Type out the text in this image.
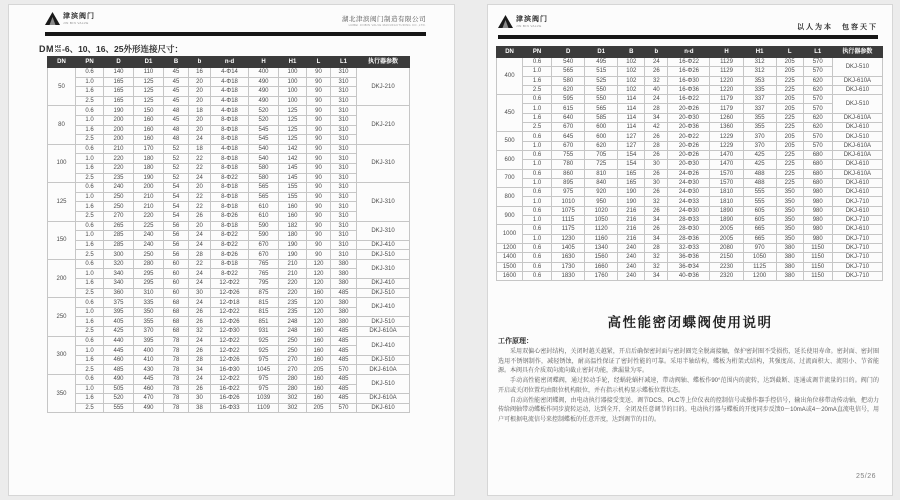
津滨阀门
JIN BIN VALVE	湖北津滨阀门制造有限公司
HUBEI JINBIN VALVE MANUFACTURING CO.,LTD.
DM HZ
XS -6、10、16、25外形连接尺寸：
DN	PN	D	D1	B	b	n-d	H	H1	L	L1	执行器参数
50	0.6	140	110	45	16	4-Φ14	400	100	90	310	DKJ-210
	1.0	165	125	45	20	4-Φ18	490	100	90	310	
	1.6	165	125	45	20	4-Φ18	490	100	90	310	
	2.5	165	125	45	20	4-Φ18	490	100	90	310	
80	0.6	190	150	48	18	4-Φ18	520	125	90	310	DKJ-210
	1.0	200	160	45	20	8-Φ18	520	125	90	310	
	1.6	200	160	48	20	8-Φ18	545	125	90	310	
	2.5	200	160	48	24	8-Φ18	545	125	90	310	
100	0.6	210	170	52	18	4-Φ18	540	142	90	310	DKJ-310
	1.0	220	180	52	22	8-Φ18	540	142	90	310	
	1.6	220	180	52	22	8-Φ18	580	145	90	310	
	2.5	235	190	52	24	8-Φ22	580	145	90	310	
125	0.6	240	200	54	20	8-Φ18	565	155	90	310	DKJ-310
	1.0	250	210	54	22	8-Φ18	565	155	90	310	
	1.6	250	210	54	22	8-Φ18	610	160	90	310	
	2.5	270	220	54	26	8-Φ26	610	160	90	310	
150	0.6	265	225	56	20	8-Φ18	590	182	90	310	DKJ-310
	1.0	285	240	56	24	8-Φ22	590	180	90	310	
	1.6	285	240	56	24	8-Φ22	670	190	90	310	DKJ-410
	2.5	300	250	56	28	8-Φ26	670	190	90	310	DKJ-510
200	0.6	320	280	60	22	8-Φ18	765	210	120	380	DKJ-310
	1.0	340	295	60	24	8-Φ22	765	210	120	380	
	1.6	340	295	60	24	12-Φ22	795	220	120	380	DKJ-410
	2.5	360	310	60	30	12-Φ26	875	220	160	485	DKJ-510
250	0.6	375	335	68	24	12-Φ18	815	235	120	380	DKJ-410
	1.0	395	350	68	26	12-Φ22	815	235	120	380	
	1.6	405	355	68	26	12-Φ26	851	248	120	380	DKJ-510
	2.5	425	370	68	32	12-Φ30	931	248	160	485	DKJ-610A
300	0.6	440	395	78	24	12-Φ22	925	250	160	485	DKJ-410
	1.0	445	400	78	26	12-Φ22	925	250	160	485	
	1.6	460	410	78	28	12-Φ26	975	270	160	485	DKJ-510
	2.5	485	430	78	34	16-Φ30	1045	270	205	570	DKJ-610A
350	0.6	490	445	78	24	12-Φ22	975	280	160	485	DKJ-510
	1.0	505	460	78	26	16-Φ22	975	280	160	485	
	1.6	520	470	78	30	16-Φ26	1039	302	160	485	DKJ-610A
	2.5	555	490	78	38	16-Φ33	1109	302	205	570	DKJ-610
津滨阀门
JIN BIN VALVE	以人为本　包容天下
DN	PN	D	D1	B	b	n-d	H	H1	L	L1	执行器参数
400	0.6	540	495	102	24	16-Φ22	1129	312	205	570	DKJ-510
	1.0	565	515	102	26	16-Φ26	1129	312	205	570	
	1.6	580	525	102	32	16-Φ30	1220	353	225	620	DKJ-610A
	2.5	620	550	102	40	16-Φ36	1220	335	225	620	DKJ-610
450	0.6	595	550	114	24	16-Φ22	1179	337	205	570	DKJ-510
	1.0	615	565	114	28	20-Φ26	1179	337	205	570	
	1.6	640	585	114	34	20-Φ30	1260	355	225	620	DKJ-610A
	2.5	670	600	114	42	20-Φ36	1360	355	225	620	DKJ-610
500	0.6	645	600	127	26	20-Φ22	1229	370	205	570	DKJ-510
	1.0	670	620	127	28	20-Φ26	1229	370	205	570	DKJ-610A
600	0.6	755	705	154	26	20-Φ26	1470	425	225	680	DKJ-610A
	1.0	780	725	154	30	20-Φ30	1470	425	225	680	DKJ-610
700	0.6	860	810	165	26	24-Φ26	1570	488	225	680	DKJ-610A
	1.0	895	840	165	30	24-Φ30	1570	488	225	680	DKJ-610
800	0.6	975	920	190	26	24-Φ30	1810	555	350	980	DKJ-610
	1.0	1010	950	190	32	24-Φ33	1810	555	350	980	DKJ-710
900	0.6	1075	1020	216	26	24-Φ30	1890	605	350	980	DKJ-610
	1.0	1115	1050	216	34	28-Φ33	1890	605	350	980	DKJ-710
1000	0.6	1175	1120	216	26	28-Φ30	2005	665	350	980	DKJ-610
	1.0	1230	1160	216	34	28-Φ36	2005	665	350	980	DKJ-710
1200	0.6	1405	1340	240	28	32-Φ33	2080	970	380	1150	DKJ-710
1400	0.6	1630	1560	240	32	36-Φ36	2150	1050	380	1150	DKJ-710
1500	0.6	1730	1660	240	32	36-Φ34	2230	1125	380	1150	DKJ-710
1600	0.6	1830	1760	240	34	40-Φ36	2320	1200	380	1150	DKJ-710
高性能密闭蝶阀使用说明
工作原理：

采用双偏心密封结构，关闭时越关越紧，开启后确保密封面与密封圈完全脱离接触，保护密封圈不受损伤，延长使用寿命。密封面、密封圈选用不锈钢制作，减轻锈蚀，耐高温性保证了密封性能的可靠。采用半轴结构，蝶板为桁架式结构，其强度高、过流面积大、流阻小、节省能源。本阀具有介质双向流向截止密封功能，泄漏量为零。

手动高性能密闭蝶阀，通过转动手轮，经蜗轮蜗杆减速，带动阀轴、蝶板作90°范围内的旋转，达到截断、连通或调节流量的目的。阀门的开启或关闭位置均由限位机构限位，并有指示机构显示蝶板位置状态。

自动高性能密闭蝶阀，由电动执行器接受变送、调节DCS、PLC等上位仪表的控制信号或操作器手控信号，输出角位移带动传动轴，把动力传给阀轴带动蝶板作同步旋转运动，达到全开、全闭及任意调节的目的。电动执行器与蝶板的开度同步反馈0～10mA或4～20mA直流电信号，用户可根据电流信号来控制蝶板的任意开度，达到调节的目的。

25/26
